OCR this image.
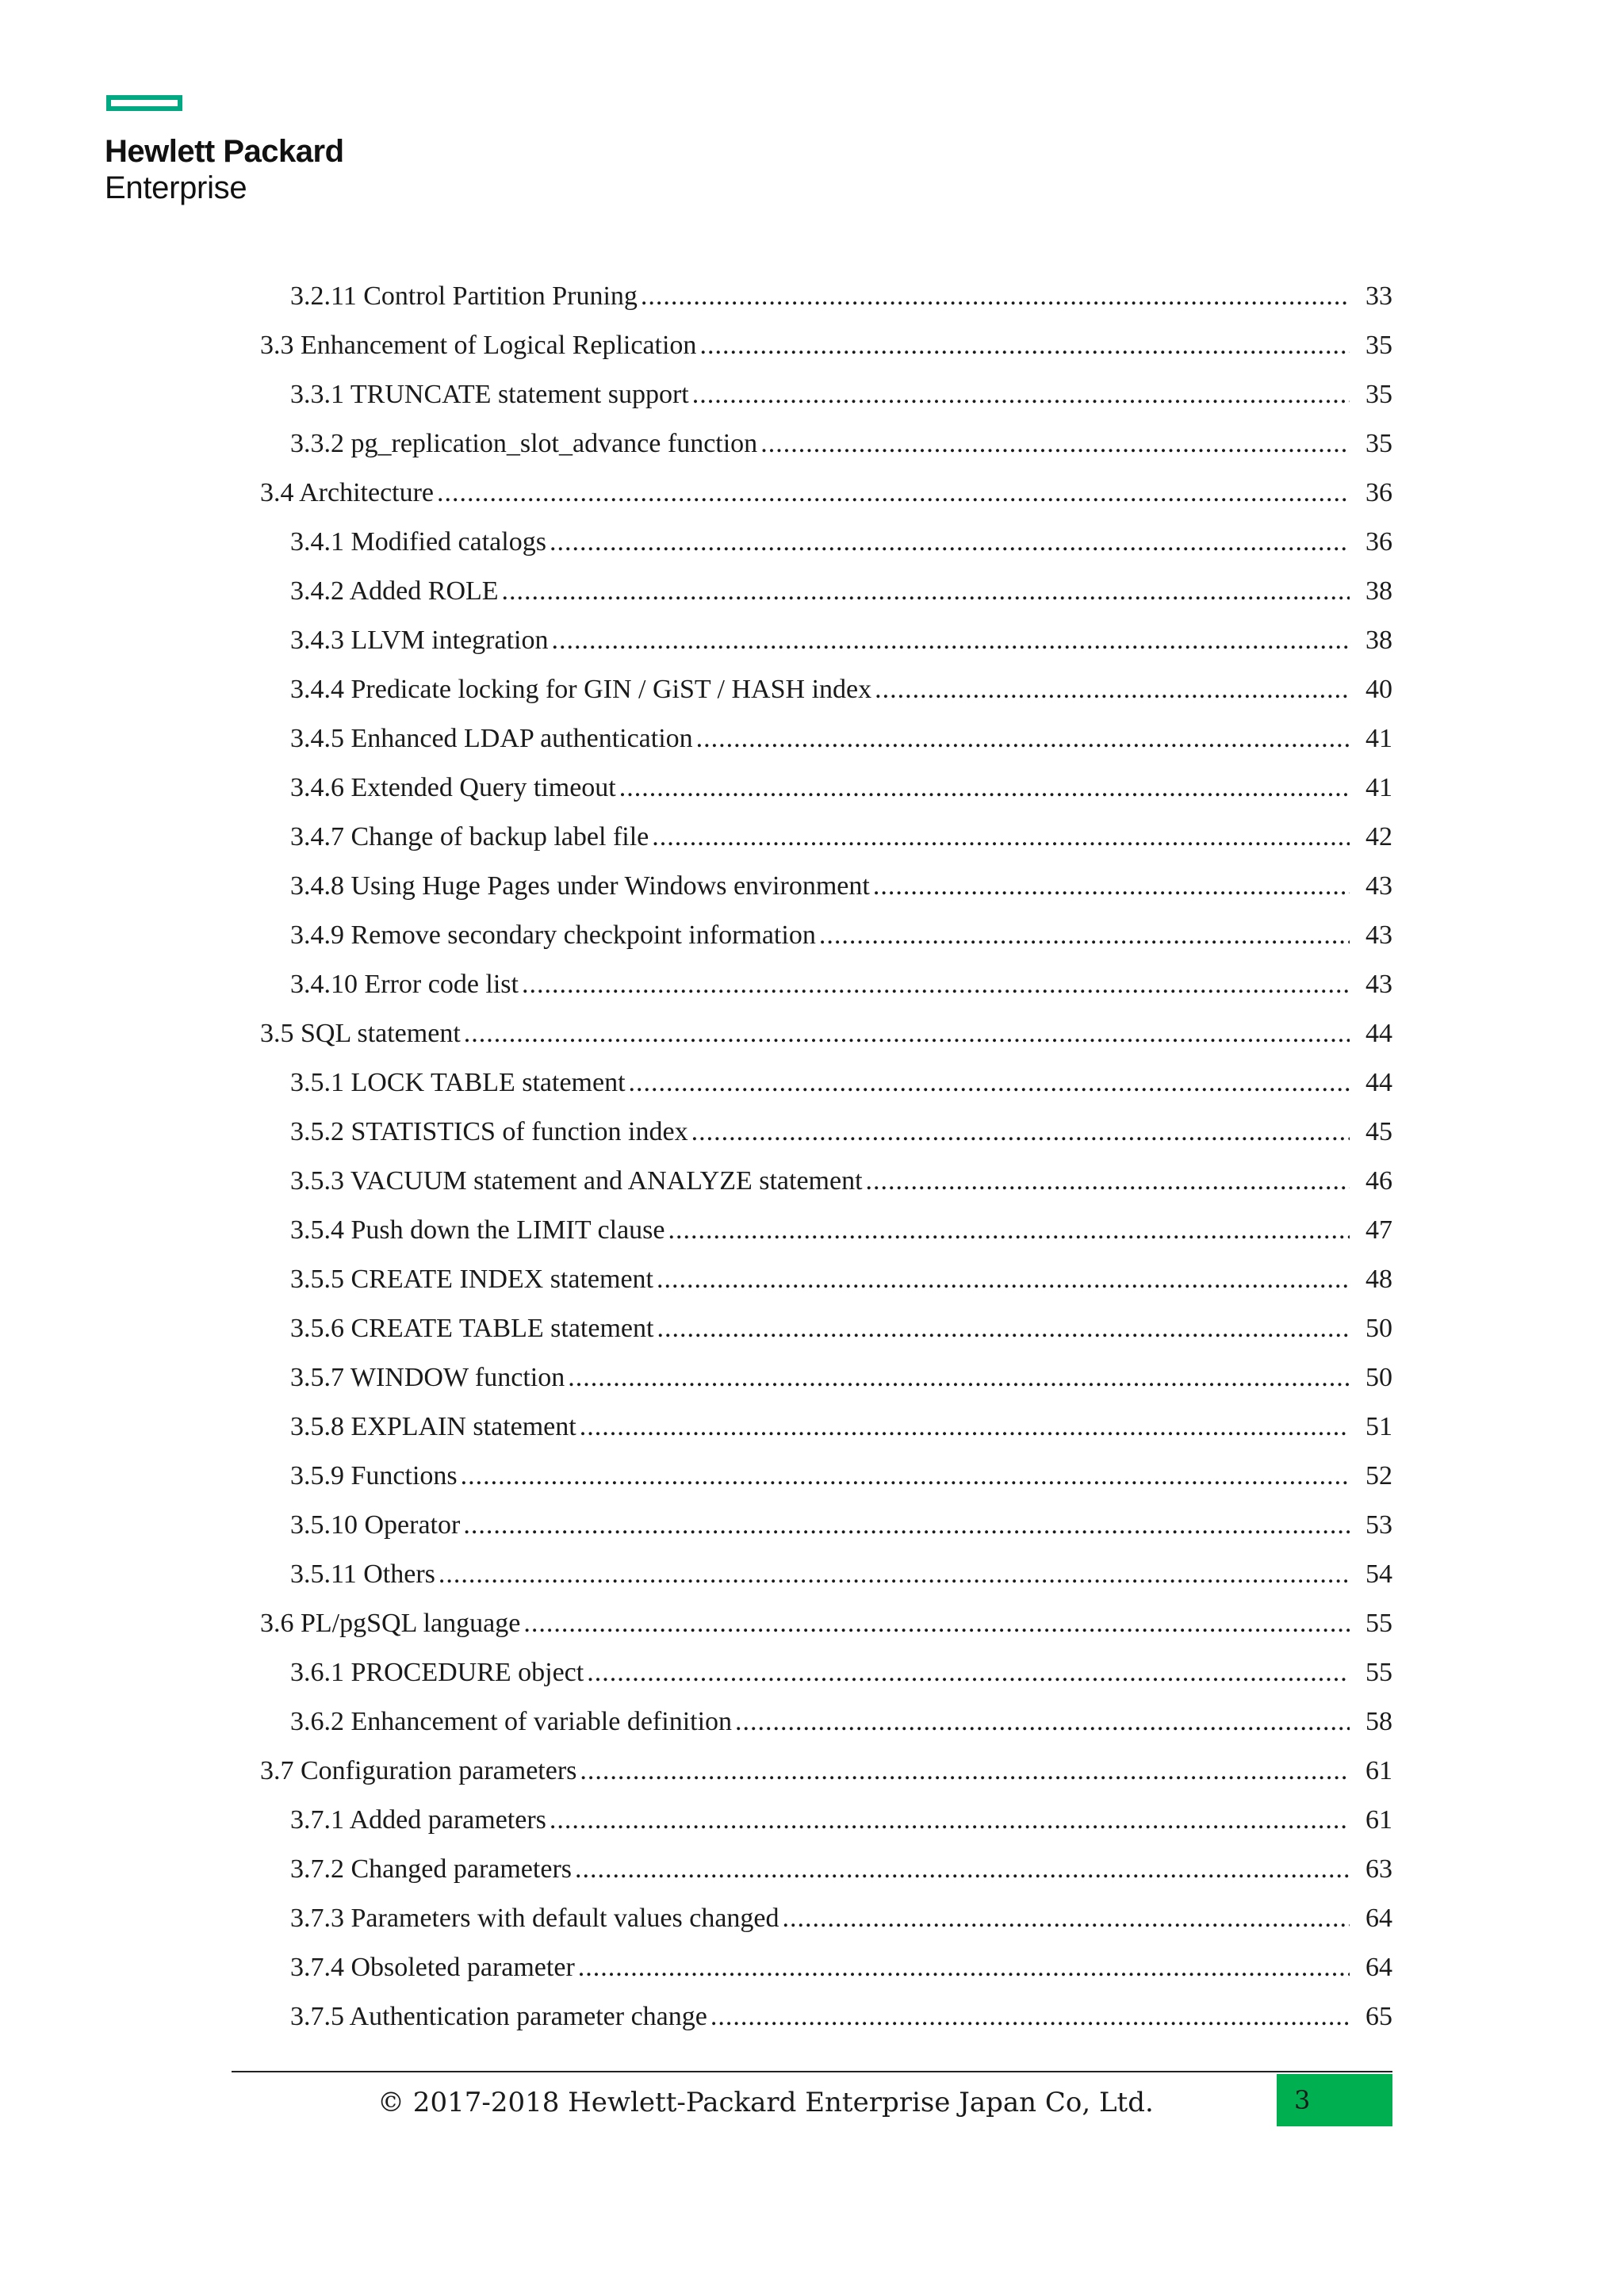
Hewlett Packard
Enterprise
3.2.11 Control Partition Pruning .....	33
3.3 Enhancement of Logical Replication .....	35
3.3.1 TRUNCATE statement support .....	35
3.3.2 pg_replication_slot_advance function .....	35
3.4 Architecture .....	36
3.4.1 Modified catalogs .....	36
3.4.2 Added ROLE .....	38
3.4.3 LLVM integration .....	38
3.4.4 Predicate locking for GIN / GiST / HASH index .....	40
3.4.5 Enhanced LDAP authentication .....	41
3.4.6 Extended Query timeout .....	41
3.4.7 Change of backup label file .....	42
3.4.8 Using Huge Pages under Windows environment .....	43
3.4.9 Remove secondary checkpoint information .....	43
3.4.10 Error code list .....	43
3.5 SQL statement .....	44
3.5.1 LOCK TABLE statement .....	44
3.5.2 STATISTICS of function index .....	45
3.5.3 VACUUM statement and ANALYZE statement .....	46
3.5.4 Push down the LIMIT clause .....	47
3.5.5 CREATE INDEX statement .....	48
3.5.6 CREATE TABLE statement .....	50
3.5.7 WINDOW function .....	50
3.5.8 EXPLAIN statement .....	51
3.5.9 Functions .....	52
3.5.10 Operator .....	53
3.5.11 Others .....	54
3.6 PL/pgSQL language .....	55
3.6.1 PROCEDURE object .....	55
3.6.2 Enhancement of variable definition .....	58
3.7 Configuration parameters .....	61
3.7.1 Added parameters .....	61
3.7.2 Changed parameters .....	63
3.7.3 Parameters with default values changed .....	64
3.7.4 Obsoleted parameter .....	64
3.7.5 Authentication parameter change .....	65
© 2017-2018 Hewlett-Packard Enterprise Japan Co, Ltd.	3
